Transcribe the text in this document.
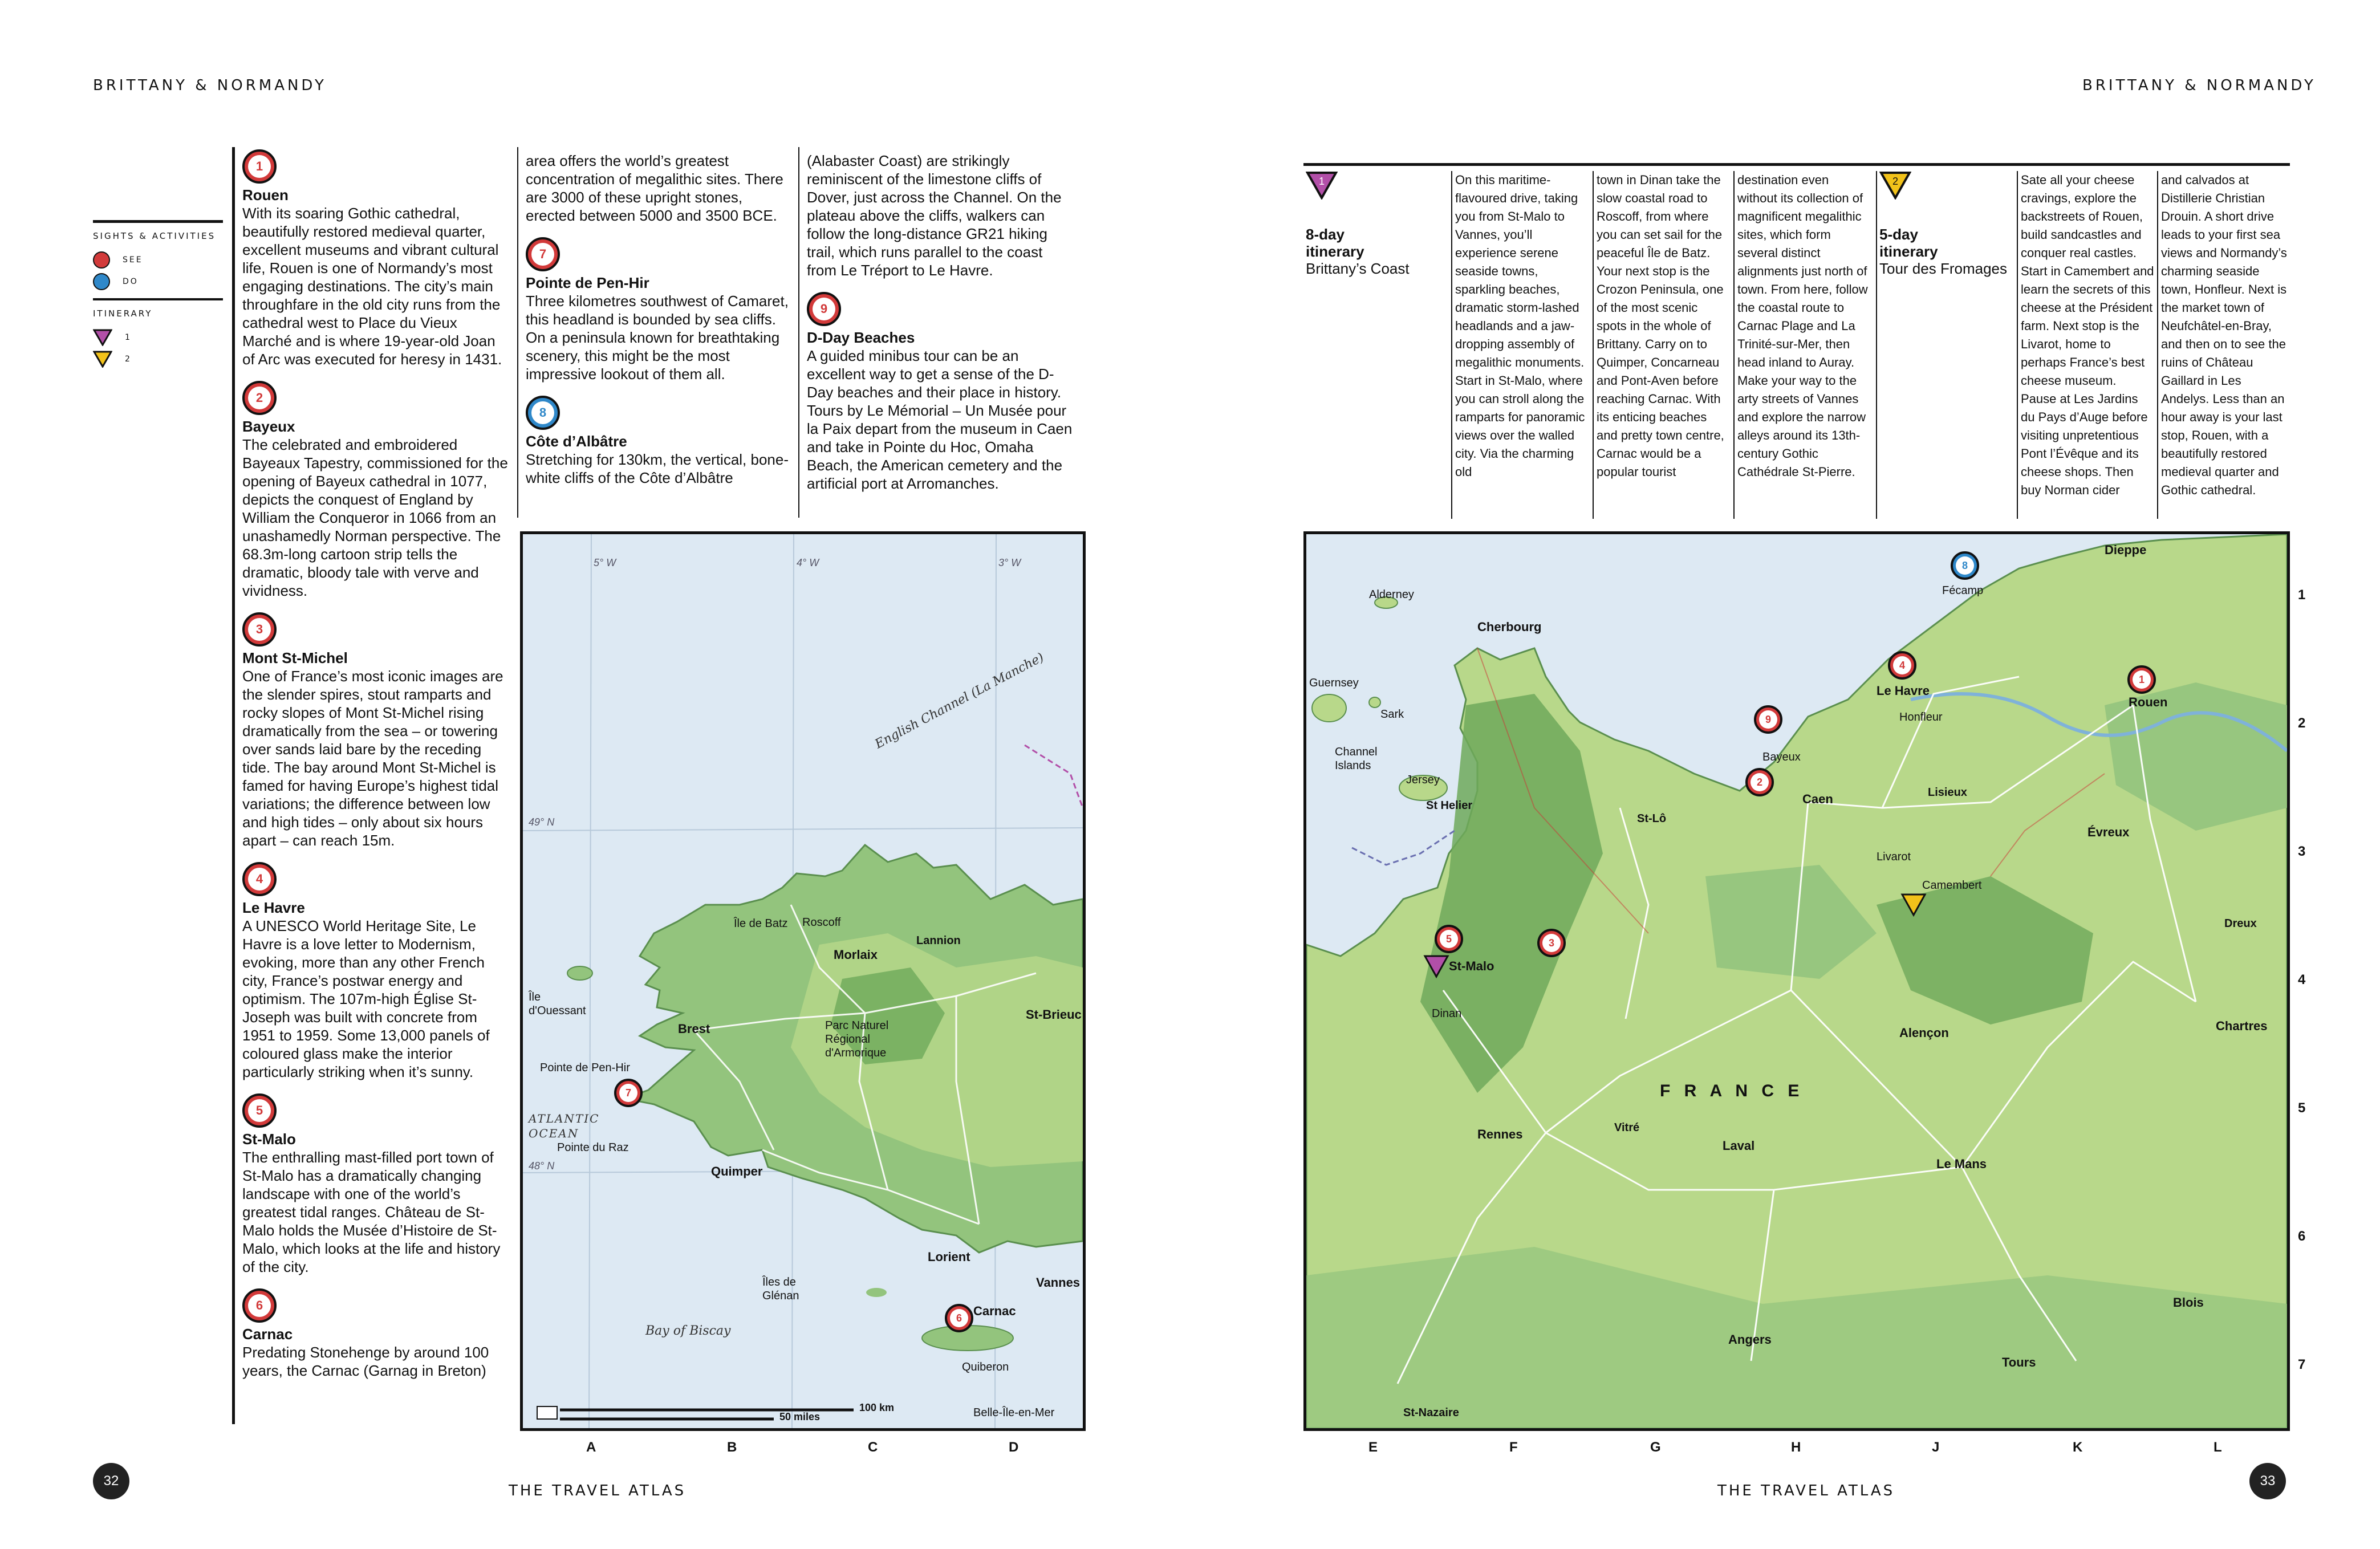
BRITTANY & NORMANDY	BRITTANY & NORMANDY
SIGHTS & ACTIVITIES
SEE
DO
ITINERARY
1
2
1

Rouen

With its soaring Gothic cathedral, beautifully restored medieval quarter, excellent museums and vibrant cultural life, Rouen is one of Normandy’s most engaging destinations. The city’s main throughfare in the old city runs from the cathedral west to Place du Vieux Marché and is where 19-year-old Joan of Arc was executed for heresy in 1431.

2

Bayeux

The celebrated and embroidered Bayeaux Tapestry, commissioned for the opening of Bayeux cathedral in 1077, depicts the conquest of England by William the Conqueror in 1066 from an unashamedly Norman perspective. The 68.3m-long cartoon strip tells the dramatic, bloody tale with verve and vividness.

3

Mont St-Michel

One of France’s most iconic images are the slender spires, stout ramparts and rocky slopes of Mont St-Michel rising dramatically from the sea – or towering over sands laid bare by the receding tide. The bay around Mont St-Michel is famed for having Europe’s highest tidal variations; the difference between low and high tides – only about six hours apart – can reach 15m.

4

Le Havre

A UNESCO World Heritage Site, Le Havre is a love letter to Modernism, evoking, more than any other French city, France’s postwar energy and optimism. The 107m-high Église St-Joseph was built with concrete from 1951 to 1959. Some 13,000 panels of coloured glass make the interior particularly striking when it’s sunny.

5

St-Malo

The enthralling mast-filled port town of St-Malo has a dramatically changing landscape with one of the world’s greatest tidal ranges. Château de St-Malo holds the Musée d’Histoire de St-Malo, which looks at the life and history of the city.

6

Carnac

Predating Stonehenge by around 100 years, the Carnac (Garnag in Breton)

area offers the world’s greatest concentration of megalithic sites. There are 3000 of these upright stones, erected between 5000 and 3500 BCE.

7

Pointe de Pen-Hir

Three kilometres southwest of Camaret, this headland is bounded by sea cliffs. On a peninsula known for breathtaking scenery, this might be the most impressive lookout of them all.

8

Côte d’Albâtre

Stretching for 130km, the vertical, bone-white cliffs of the Côte d’Albâtre

(Alabaster Coast) are strikingly reminiscent of the limestone cliffs of Dover, just across the Channel. On the plateau above the cliffs, walkers can follow the long-distance GR21 hiking trail, which runs parallel to the coast from Le Tréport to Le Havre.

9

D-Day Beaches

A guided minibus tour can be an excellent way to get a sense of the D-Day beaches and their place in history. Tours by Le Mémorial – Un Musée pour la Paix depart from the museum in Caen and take in Pointe du Hoc, Omaha Beach, the American cemetery and the artificial port at Arromanches.

English Channel (La Manche)
ATLANTIC OCEAN
Bay of Biscay
49° N
48° N
5° W	4° W	3° W
Brest
Quimper
Lorient
Vannes
Morlaix
Lannion
St-Brieuc
Roscoff
Île de Batz
Carnac
Quiberon
Belle-Île-en-Mer
Île d'Ouessant
Pointe du Raz
Pointe de Pen-Hir
Îles de Glénan
Parc Naturel Régional d'Armorique
100 km
50 miles
7
6
A	B	C	D
1
8-day
itinerary
Brittany’s Coast
On this maritime-flavoured drive, taking you from St-Malo to Vannes, you’ll experience serene seaside towns, sparkling beaches, dramatic storm-lashed headlands and a jaw-dropping assembly of megalithic monuments. Start in St-Malo, where you can stroll along the ramparts for panoramic views over the walled city. Via the charming old
town in Dinan take the slow coastal road to Roscoff, from where you can set sail for the peaceful Île de Batz. Your next stop is the Crozon Peninsula, one of the most scenic spots in the whole of Brittany. Carry on to Quimper, Concarneau and Pont-Aven before reaching Carnac. With its enticing beaches and pretty town centre, Carnac would be a popular tourist
destination even without its collection of magnificent megalithic sites, which form several distinct alignments just north of town. From here, follow the coastal route to Carnac Plage and La Trinité-sur-Mer, then head inland to Auray. Make your way to the arty streets of Vannes and explore the narrow alleys around its 13th-century Gothic Cathédrale St-Pierre.
2
5-day
itinerary
Tour des Fromages
Sate all your cheese cravings, explore the backstreets of Rouen, build sandcastles and conquer real castles. Start in Camembert and learn the secrets of this cheese at the Président farm. Next stop is the Livarot, home to perhaps France’s best cheese museum. Pause at Les Jardins du Pays d’Auge before visiting unpretentious Pont l’Évêque and its cheese shops. Then buy Norman cider
and calvados at Distillerie Christian Drouin. A short drive leads to your first sea views and Normandy’s charming seaside town, Honfleur. Next is the market town of Neufchâtel-en-Bray, and then on to see the ruins of Château Gaillard in Les Andelys. Less than an hour away is your last stop, Rouen, with a beautifully restored medieval quarter and Gothic cathedral.
F R A N C E
Rouen
Le Havre
Caen
Cherbourg
St-Malo
Rennes
Le Mans
Laval
Alençon	Chartres
Évreux
Dieppe
Angers
Tours
Blois
Jersey
Guernsey
Alderney
Sark
St Helier
Channel Islands
Bayeux
Honfleur
Lisieux
Camembert
St-Lô
Dinan
Vitré
St-Nazaire
Dreux
Fécamp
Livarot
1
2
3
4
5
9
8
E	F	G	H	J	K	L
1
2
3
4
5
6
7
32	33
THE TRAVEL ATLAS	THE TRAVEL ATLAS
